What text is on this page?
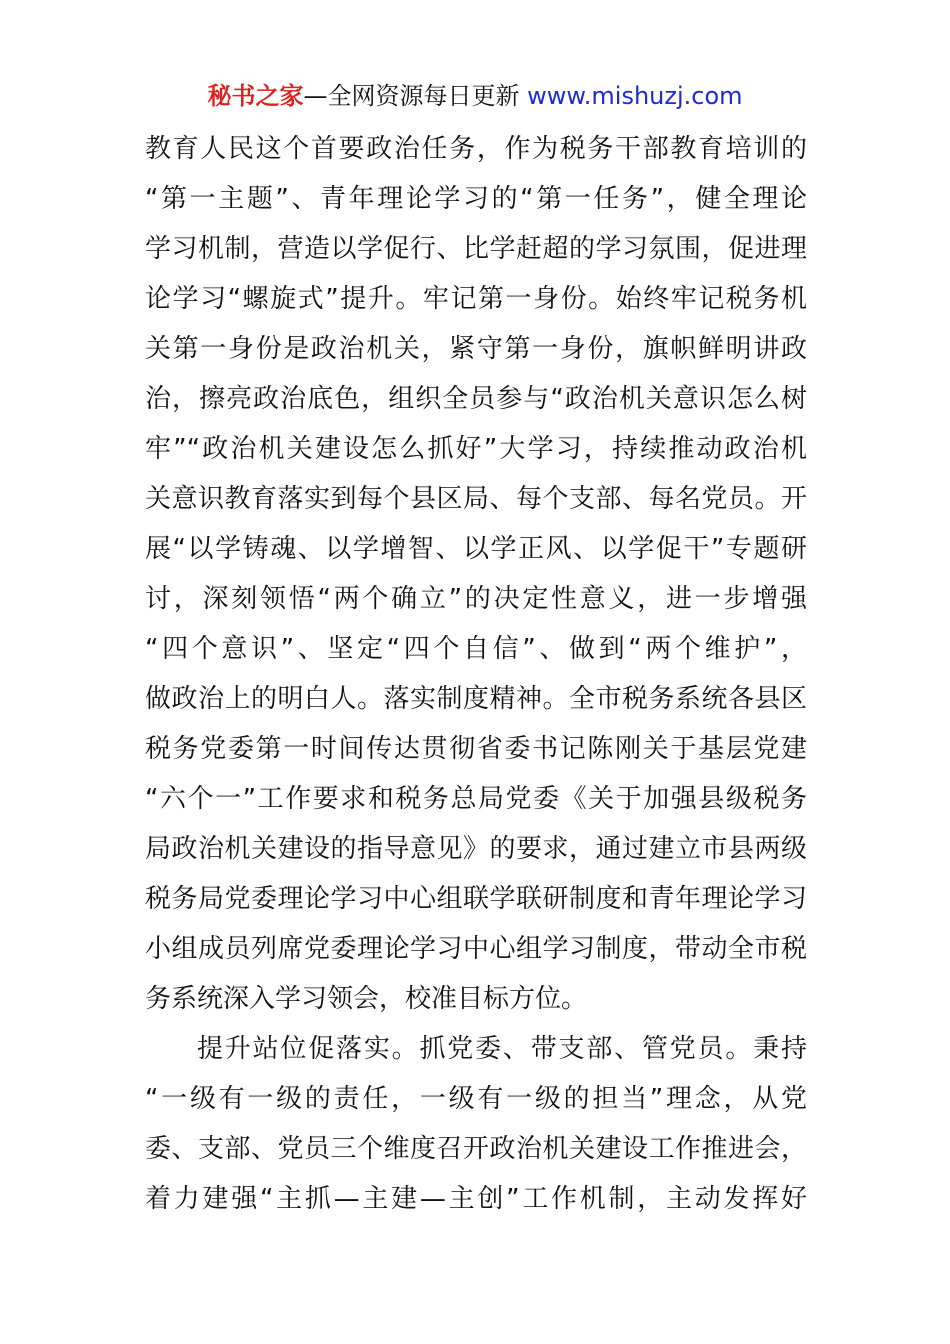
秘书之家—全网资源每日更新 www.mishuzj.com
教育人民这个首要政治任务，作为税务干部教育培训的
“第一主题”、青年理论学习的“第一任务”，健全理论
学习机制，营造以学促行、比学赶超的学习氛围，促进理
论学习“螺旋式”提升。牢记第一身份。始终牢记税务机
关第一身份是政治机关，紧守第一身份，旗帜鲜明讲政
治，擦亮政治底色，组织全员参与“政治机关意识怎么树
牢”“政治机关建设怎么抓好”大学习，持续推动政治机
关意识教育落实到每个县区局、每个支部、每名党员。开
展“以学铸魂、以学增智、以学正风、以学促干”专题研
讨，深刻领悟“两个确立”的决定性意义，进一步增强
“四个意识”、坚定“四个自信”、做到“两个维护”，
做政治上的明白人。落实制度精神。全市税务系统各县区
税务党委第一时间传达贯彻省委书记陈刚关于基层党建
“六个一”工作要求和税务总局党委《关于加强县级税务
局政治机关建设的指导意见》的要求，通过建立市县两级
税务局党委理论学习中心组联学联研制度和青年理论学习
小组成员列席党委理论学习中心组学习制度，带动全市税
务系统深入学习领会，校准目标方位。
提升站位促落实。抓党委、带支部、管党员。秉持
“一级有一级的责任，一级有一级的担当”理念，从党
委、支部、党员三个维度召开政治机关建设工作推进会，
着力建强“主抓—主建—主创”工作机制，主动发挥好
